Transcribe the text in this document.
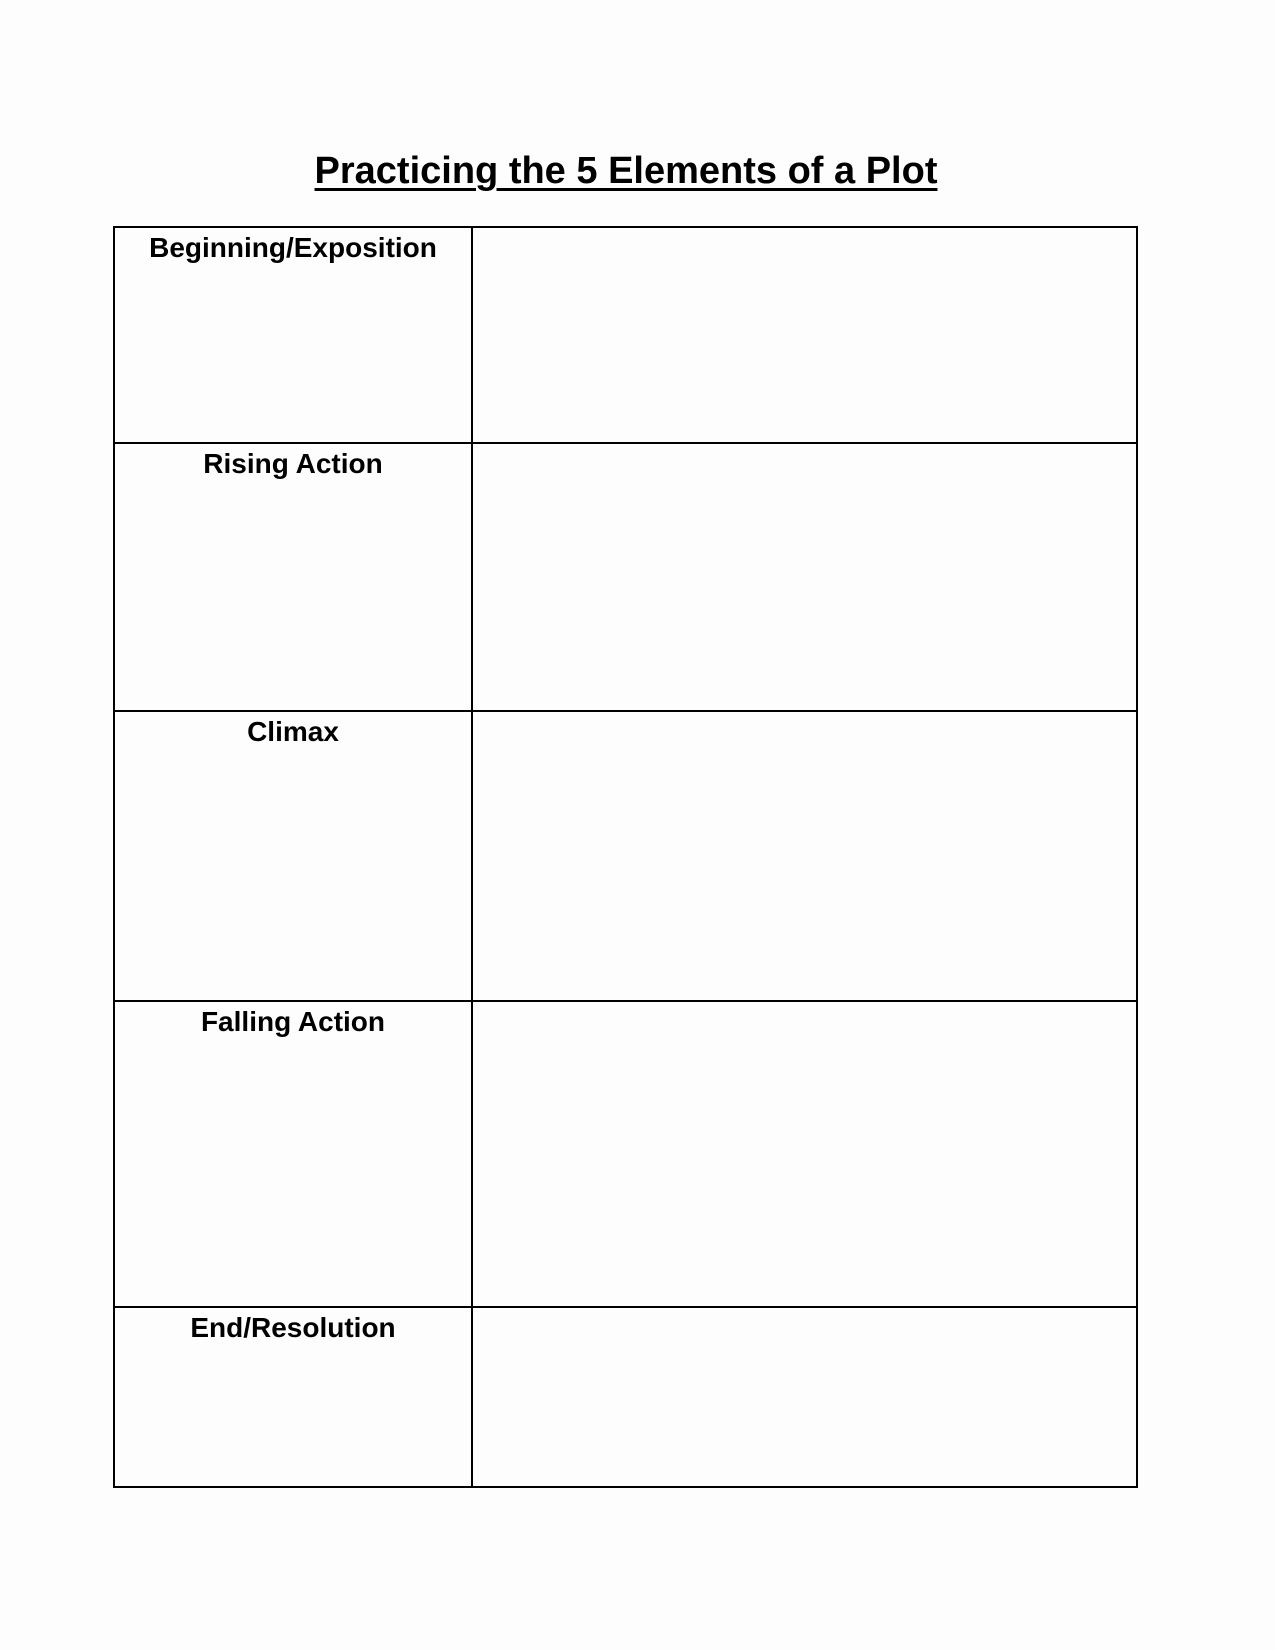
Practicing the 5 Elements of a Plot
Beginning/Exposition	
Rising Action	
Climax	
Falling Action	
End/Resolution	
